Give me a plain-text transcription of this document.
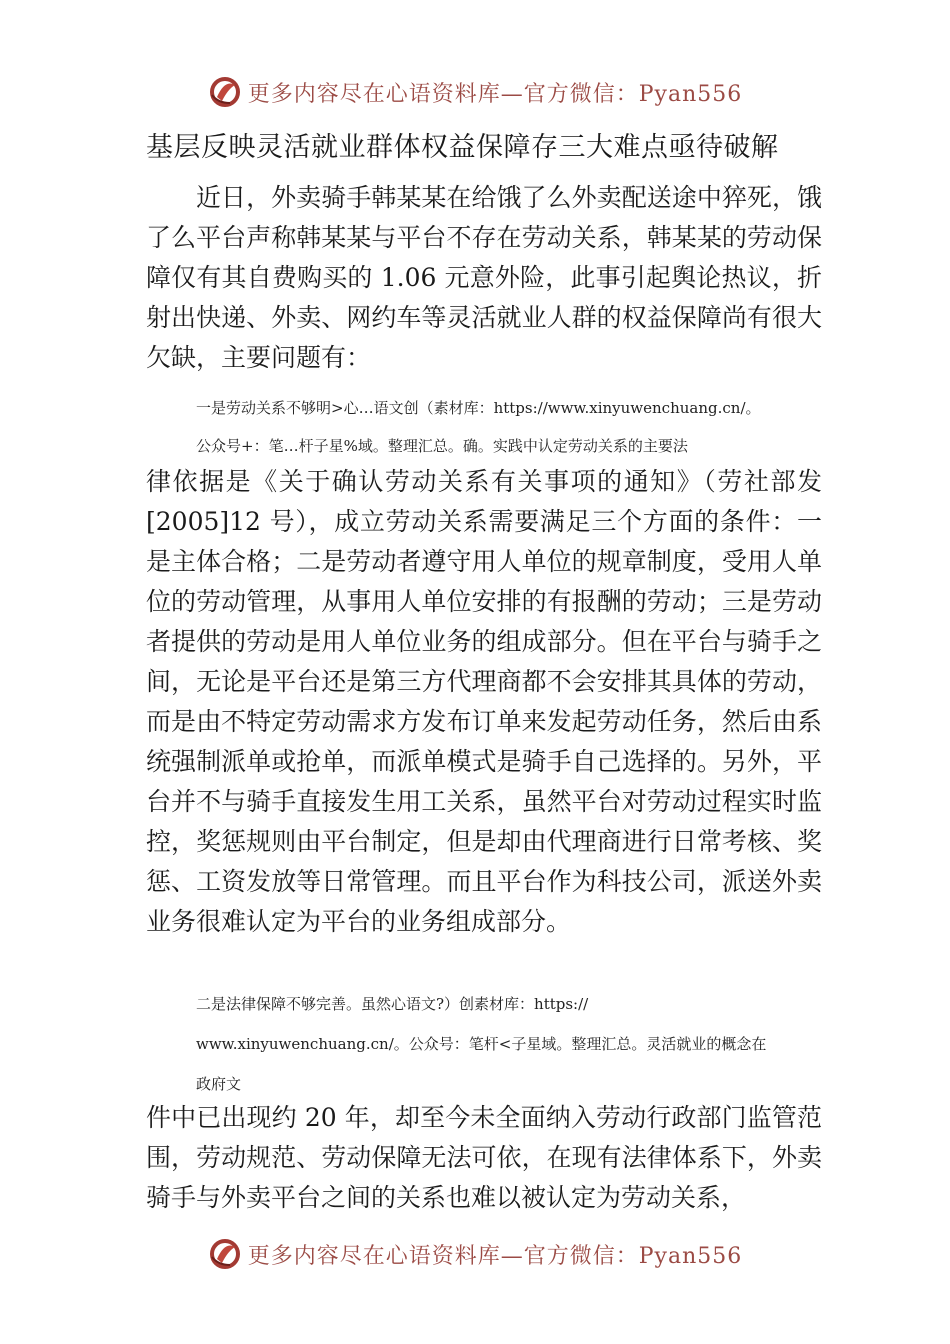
更多内容尽在心语资料库—官方微信：Pyan556
基层反映灵活就业群体权益保障存三大难点亟待破解

近日，外卖骑手韩某某在给饿了么外卖配送途中猝死，饿了么平台声称韩某某与平台不存在劳动关系，韩某某的劳动保障仅有其自费购买的 1.06 元意外险，此事引起舆论热议，折射出快递、外卖、网约车等灵活就业人群的权益保障尚有很大欠缺，主要问题有：

一是劳动关系不够明>心…语文创（素材库：https://www.xinyuwenchuang.cn/。
公众号+：笔…杆子星%域。整理汇总。确。实践中认定劳动关系的主要法

律依据是《关于确认劳动关系有关事项的通知》（劳社部发[2005]12 号），成立劳动关系需要满足三个方面的条件：一是主体合格；二是劳动者遵守用人单位的规章制度，受用人单位的劳动管理，从事用人单位安排的有报酬的劳动；三是劳动者提供的劳动是用人单位业务的组成部分。但在平台与骑手之间，无论是平台还是第三方代理商都不会安排其具体的劳动，而是由不特定劳动需求方发布订单来发起劳动任务，然后由系统强制派单或抢单，而派单模式是骑手自己选择的。另外，平台并不与骑手直接发生用工关系，虽然平台对劳动过程实时监控，奖惩规则由平台制定，但是却由代理商进行日常考核、奖惩、工资发放等日常管理。而且平台作为科技公司，派送外卖业务很难认定为平台的业务组成部分。

二是法律保障不够完善。虽然心语文?）创素材库：https://
www.xinyuwenchuang.cn/。公众号：笔杆<子星域。整理汇总。灵活就业的概念在
政府文

件中已出现约 20 年，却至今未全面纳入劳动行政部门监管范围，劳动规范、劳动保障无法可依，在现有法律体系下，外卖骑手与外卖平台之间的关系也难以被认定为劳动关系，

更多内容尽在心语资料库—官方微信：Pyan556
